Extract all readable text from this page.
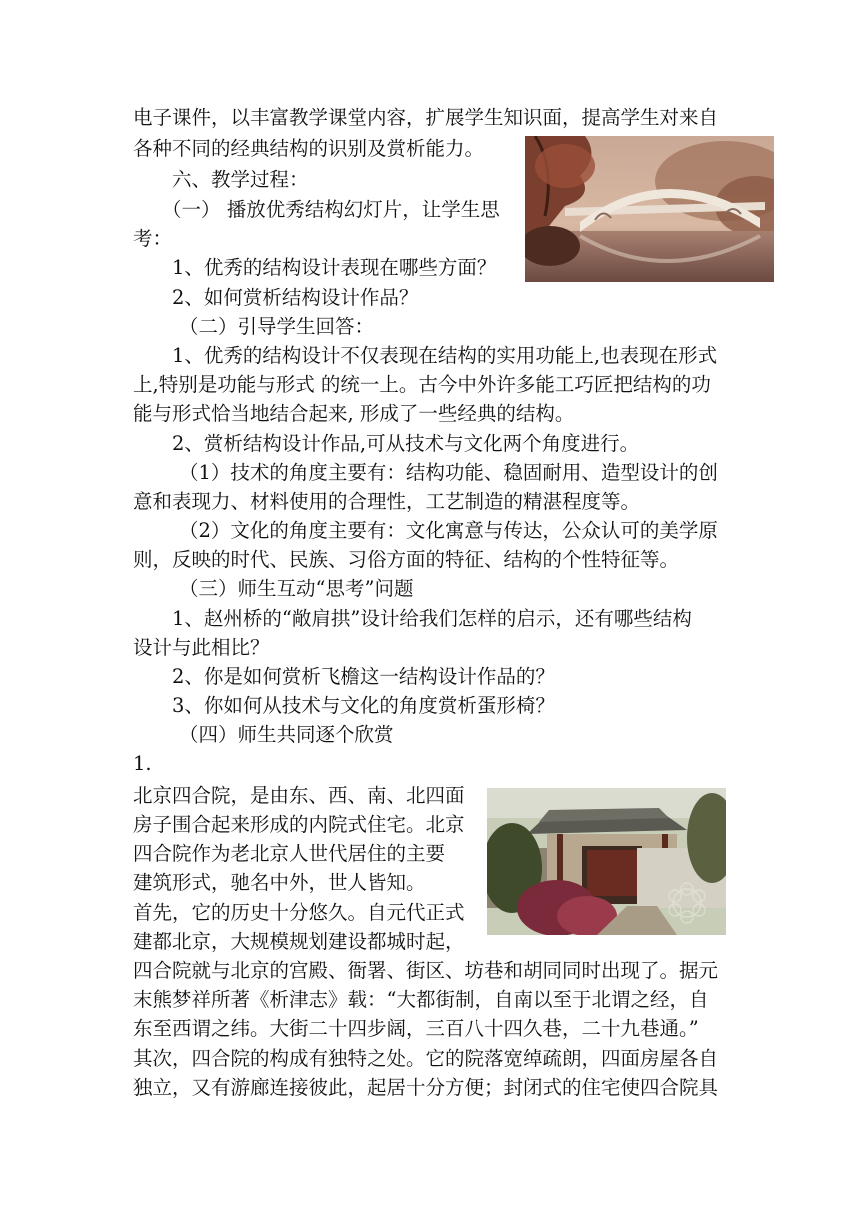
电子课件，以丰富教学课堂内容，扩展学生知识面，提高学生对来自
各种不同的经典结构的识别及赏析能力。
六、教学过程：
（一） 播放优秀结构幻灯片，让学生思
考：
1、优秀的结构设计表现在哪些方面？
2、如何赏析结构设计作品？
（二）引导学生回答：
1、优秀的结构设计不仅表现在结构的实用功能上,也表现在形式
上,特别是功能与形式 的统一上。古今中外许多能工巧匠把结构的功
能与形式恰当地结合起来, 形成了一些经典的结构。
2、赏析结构设计作品,可从技术与文化两个角度进行。
（1）技术的角度主要有：结构功能、稳固耐用、造型设计的创
意和表现力、材料使用的合理性，工艺制造的精湛程度等。
（2）文化的角度主要有：文化寓意与传达，公众认可的美学原
则，反映的时代、民族、习俗方面的特征、结构的个性特征等。
（三）师生互动“思考”问题
1、赵州桥的“敞肩拱”设计给我们怎样的启示，还有哪些结构
设计与此相比？
2、你是如何赏析飞檐这一结构设计作品的？
3、你如何从技术与文化的角度赏析蛋形椅？
（四）师生共同逐个欣赏
1.
北京四合院，是由东、西、南、北四面
房子围合起来形成的内院式住宅。北京
四合院作为老北京人世代居住的主要
建筑形式，驰名中外，世人皆知。
首先，它的历史十分悠久。自元代正式
建都北京，大规模规划建设都城时起，
四合院就与北京的宫殿、衙署、街区、坊巷和胡同同时出现了。据元
末熊梦祥所著《析津志》载：“大都街制，自南以至于北谓之经，自
东至西谓之纬。大街二十四步阔，三百八十四久巷，二十九巷通。”
其次，四合院的构成有独特之处。它的院落宽绰疏朗，四面房屋各自
独立，又有游廊连接彼此，起居十分方便；封闭式的住宅使四合院具
